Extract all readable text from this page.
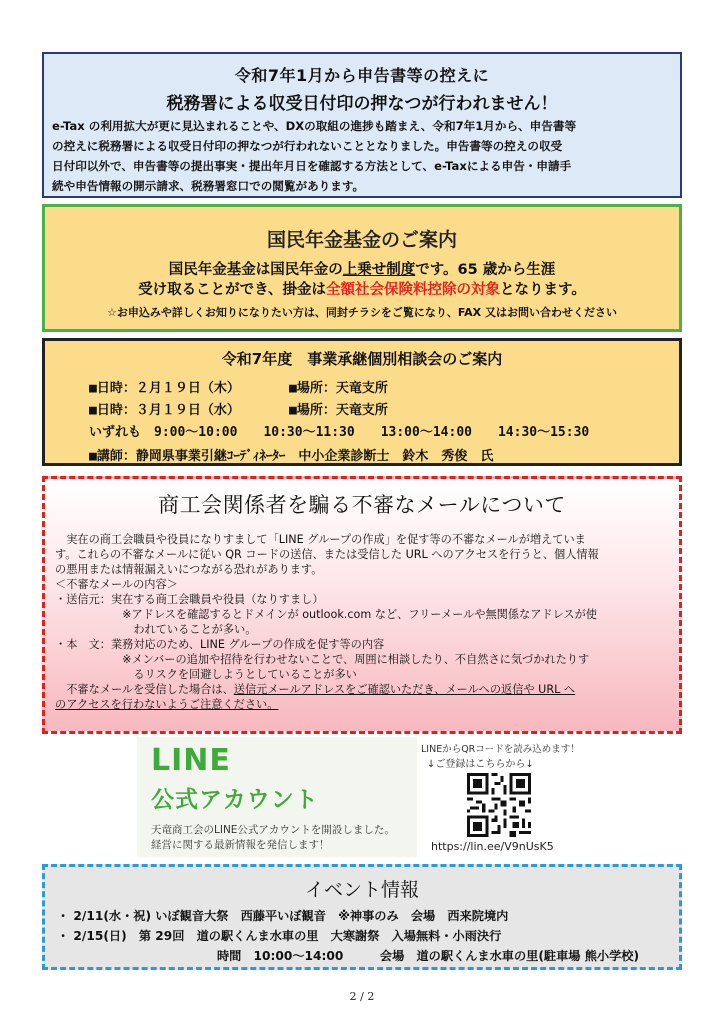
令和7年1月から申告書等の控えに
税務署による収受日付印の押なつが行われません！
e-Tax の利用拡大が更に見込まれることや、DXの取組の進捗も踏まえ、令和7年1月から、申告書等
の控えに税務署による収受日付印の押なつが行われないこととなりました。申告書等の控えの収受
日付印以外で、申告書等の提出事実・提出年月日を確認する方法として、e-Taxによる申告・申請手
続や申告情報の開示請求、税務署窓口での閲覧があります。
国民年金基金のご案内
国民年金基金は国民年金の上乗せ制度です。65 歳から生涯
受け取ることができ、掛金は全額社会保険料控除の対象となります。
☆お申込みや詳しくお知りになりたい方は、同封チラシをご覧になり、FAX 又はお問い合わせください
令和7年度　事業承継個別相談会のご案内
■日時：２月１９日（木）	■場所：天竜支所
■日時：３月１９日（水）	■場所：天竜支所
いずれも　9:00～10:00　　10:30～11:30　　13:00～14:00　　14:30～15:30
■講師：静岡県事業引継ｺｰﾃﾞｨﾈｰﾀｰ　中小企業診断士　鈴木　秀俊　氏
商工会関係者を騙る不審なメールについて
　実在の商工会職員や役員になりすまして「LINE グループの作成」を促す等の不審なメールが増えていま
す。これらの不審なメールに従い QR コードの送信、または受信した URL へのアクセスを行うと、個人情報
の悪用または情報漏えいにつながる恐れがあります。
＜不審なメールの内容＞
・送信元：実在する商工会職員や役員（なりすまし）
　　　　　　※アドレスを確認するとドメインが outlook.com など、フリーメールや無関係なアドレスが使
　　　　　　　われていることが多い。
・本　文：業務対応のため、LINE グループの作成を促す等の内容
　　　　　　※メンバーの追加や招待を行わせないことで、周囲に相談したり、不自然さに気づかれたりす
　　　　　　　るリスクを回避しようとしていることが多い
　不審なメールを受信した場合は、送信元メールアドレスをご確認いただき、メールへの返信や URL へ
のアクセスを行わないようご注意ください。
LINE
公式アカウント
天竜商工会のLINE公式アカウントを開設しました。
経営に関する最新情報を発信します！
LINEからQRコードを読み込めます！
↓ご登録はこちらから↓
https://lin.ee/V9nUsK5
イベント情報
・ 2/11(水・祝) いぼ観音大祭　西藤平いぼ観音　※神事のみ　会場　西来院境内
・ 2/15(日)　第 29回　道の駅くんま水車の里　大寒謝祭　入場無料・小雨決行
時間　10:00～14:00　　　会場　道の駅くんま水車の里(駐車場 熊小学校)
2 / 2
